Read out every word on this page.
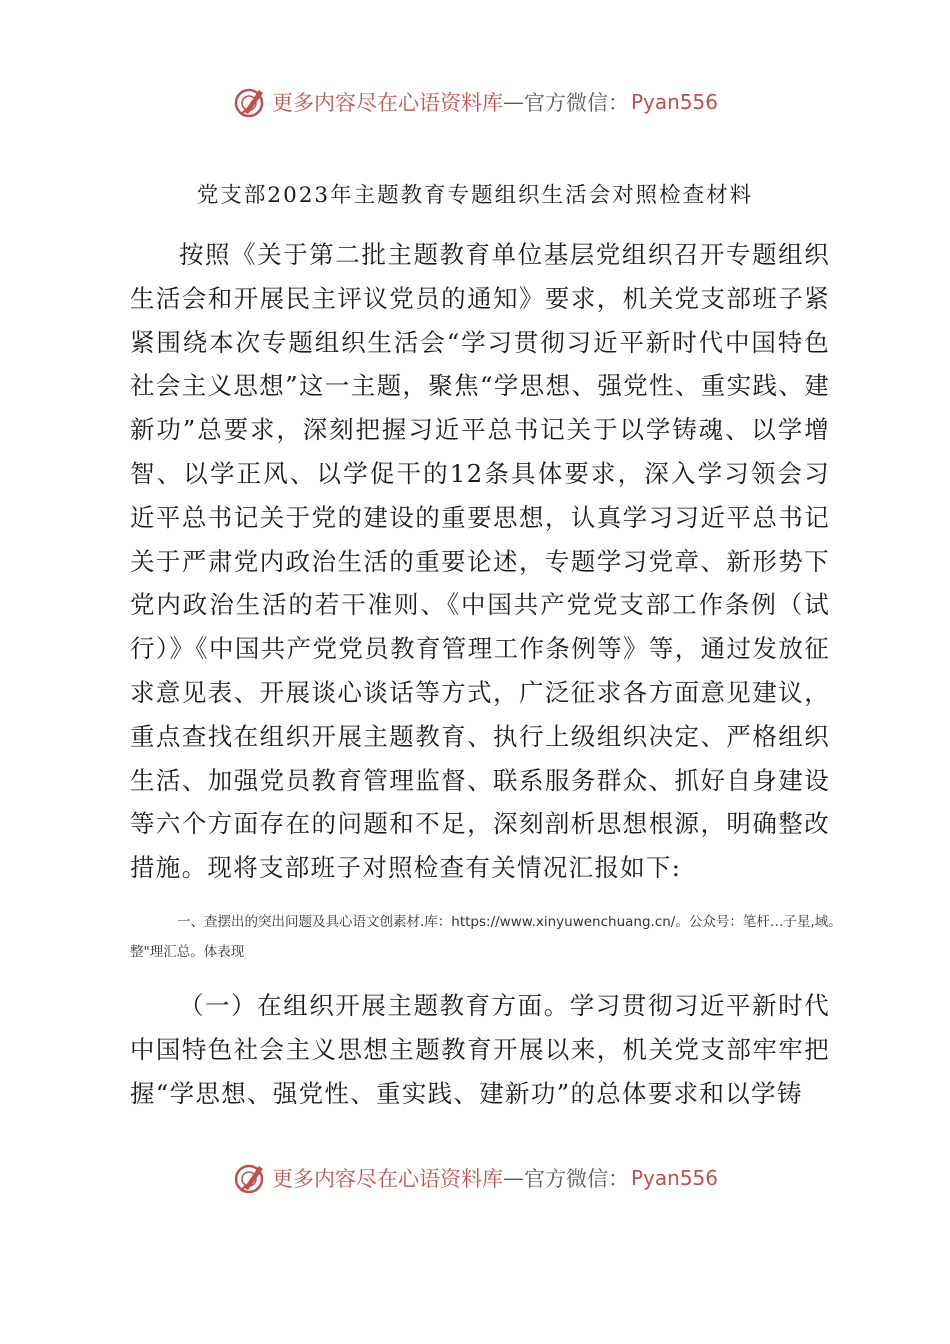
更多内容尽在心语资料库 — 官方微信： Pyan556
党支部2023年主题教育专题组织生活会对照检查材料

按照《关于第二批主题教育单位基层党组织召开专题组织生活会和开展民主评议党员的通知》要求，机关党支部班子紧紧围绕本次专题组织生活会“学习贯彻习近平新时代中国特色社会主义思想”这一主题，聚焦“学思想、强党性、重实践、建新功”总要求，深刻把握习近平总书记关于以学铸魂、以学增智、以学正风、以学促干的12条具体要求，深入学习领会习近平总书记关于党的建设的重要思想，认真学习习近平总书记关于严肃党内政治生活的重要论述，专题学习党章、新形势下党内政治生活的若干准则、《中国共产党党支部工作条例（试行）》《中国共产党党员教育管理工作条例等》等，通过发放征求意见表、开展谈心谈话等方式，广泛征求各方面意见建议，重点查找在组织开展主题教育、执行上级组织决定、严格组织生活、加强党员教育管理监督、联系服务群众、抓好自身建设等六个方面存在的问题和不足，深刻剖析思想根源，明确整改措施。现将支部班子对照检查有关情况汇报如下:

一、查摆出的突出问题及具心语文创素材.库：https://www.xinyuwenchuang.cn/。公众号：笔杆…子星,域。整"理汇总。体表现

（一）在组织开展主题教育方面。学习贯彻习近平新时代中国特色社会主义思想主题教育开展以来，机关党支部牢牢把握“学思想、强党性、重实践、建新功”的总体要求和以学铸

更多内容尽在心语资料库 — 官方微信： Pyan556
